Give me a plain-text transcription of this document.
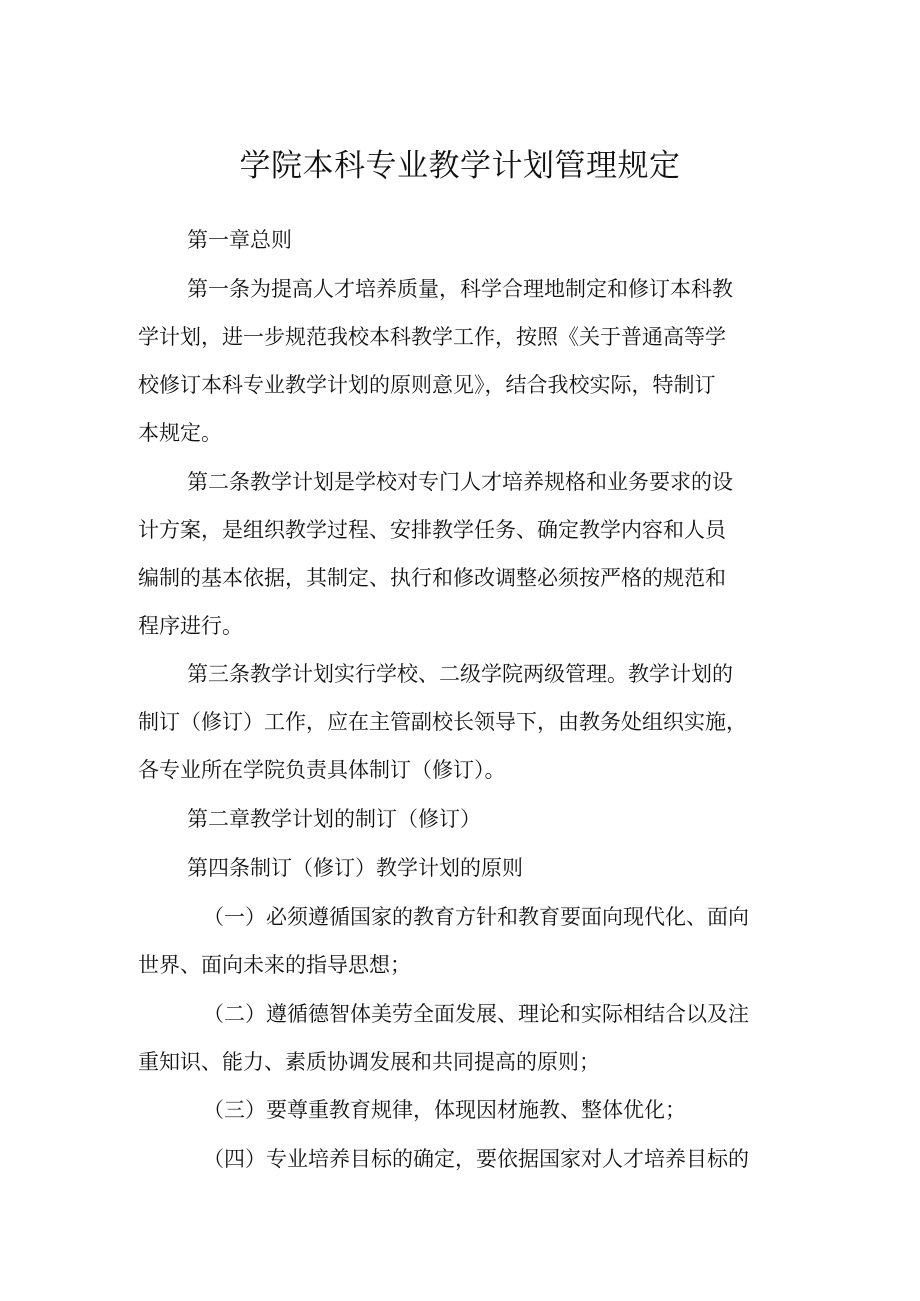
学院本科专业教学计划管理规定
第一章总则
第一条为提高人才培养质量，科学合理地制定和修订本科教
学计划，进一步规范我校本科教学工作，按照《关于普通高等学
校修订本科专业教学计划的原则意见》，结合我校实际，特制订
本规定。
第二条教学计划是学校对专门人才培养规格和业务要求的设
计方案，是组织教学过程、安排教学任务、确定教学内容和人员
编制的基本依据，其制定、执行和修改调整必须按严格的规范和
程序进行。
第三条教学计划实行学校、二级学院两级管理。教学计划的
制订（修订）工作，应在主管副校长领导下，由教务处组织实施，
各专业所在学院负责具体制订（修订）。
第二章教学计划的制订（修订）
第四条制订（修订）教学计划的原则
（一）必须遵循国家的教育方针和教育要面向现代化、面向
世界、面向未来的指导思想；
（二）遵循德智体美劳全面发展、理论和实际相结合以及注
重知识、能力、素质协调发展和共同提高的原则；
（三）要尊重教育规律，体现因材施教、整体优化；
（四）专业培养目标的确定，要依据国家对人才培养目标的
